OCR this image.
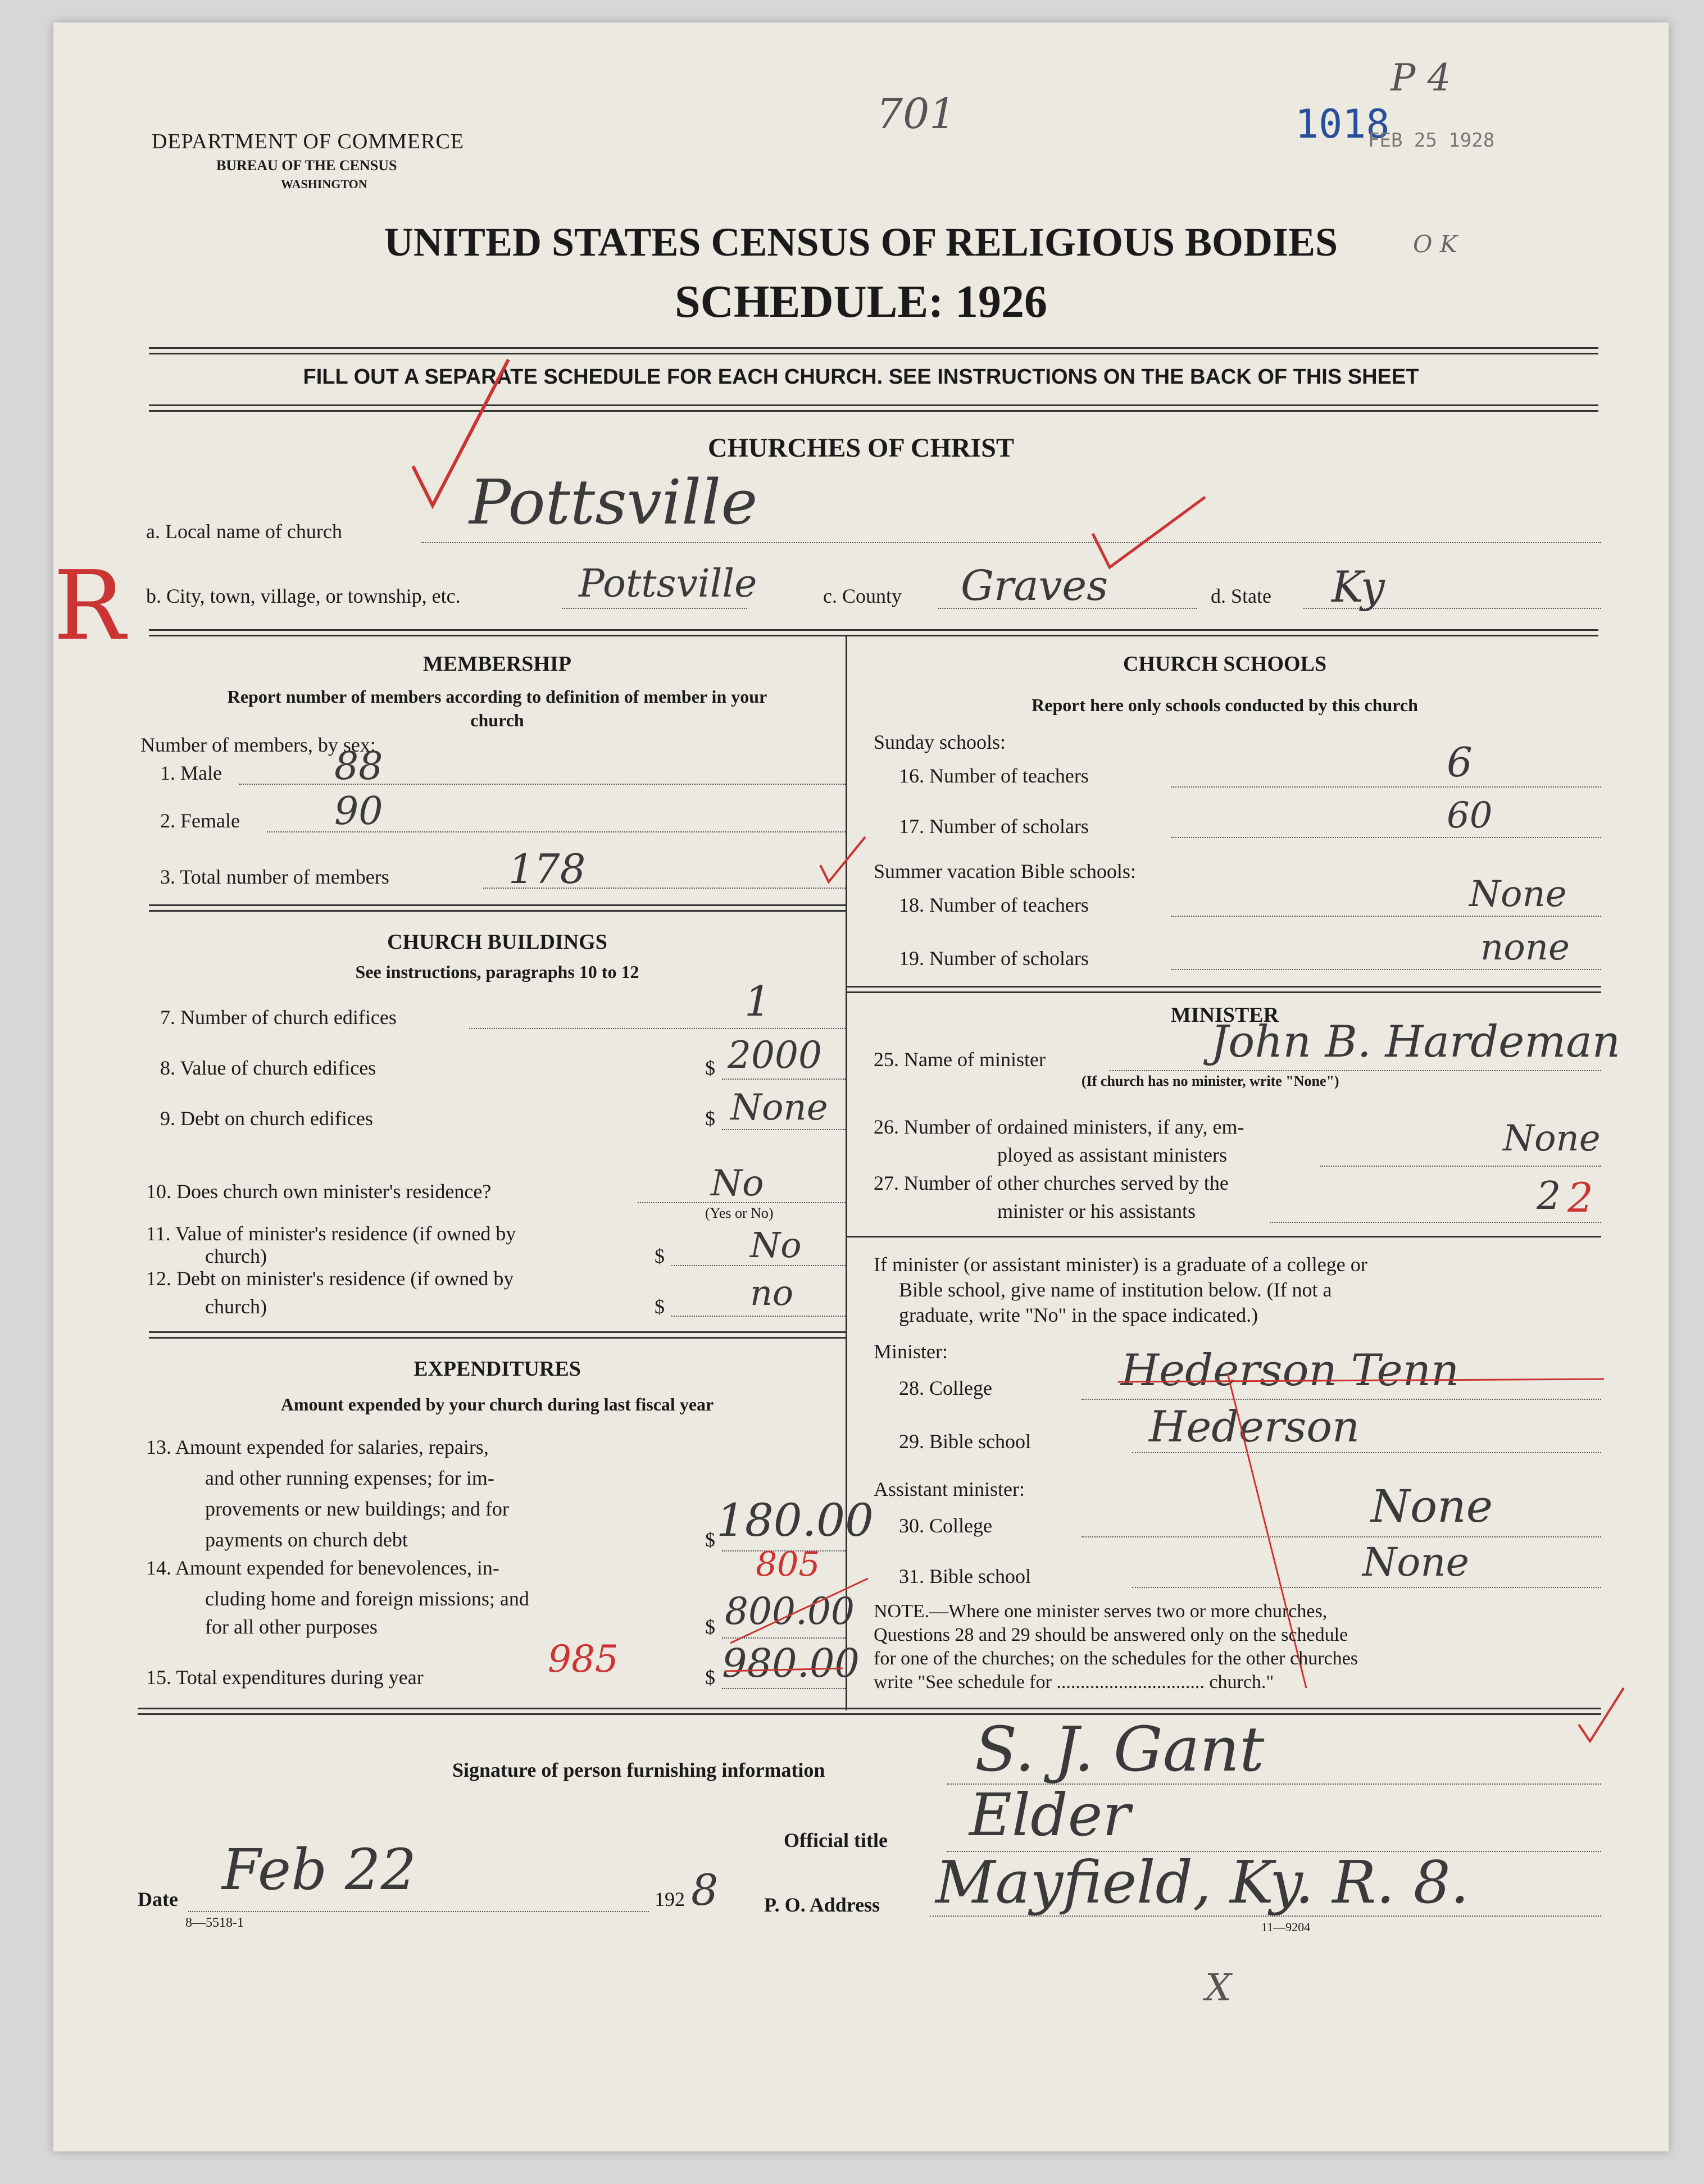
701	1018
FEB 25 1928
P 4
O K
R
DEPARTMENT OF COMMERCE
BUREAU OF THE CENSUS
WASHINGTON
UNITED STATES CENSUS OF RELIGIOUS BODIES
SCHEDULE: 1926
FILL OUT A SEPARATE SCHEDULE FOR EACH CHURCH. SEE INSTRUCTIONS ON THE BACK OF THIS SHEET
CHURCHES OF CHRIST
a. Local name of church Pottsville
b. City, town, village, or township, etc.	Pottsville	c. County Graves	d. State Ky
MEMBERSHIP
Report number of members according to definition of member in your church
Number of members, by sex:
1. Male	88
2. Female 90
3. Total number of members	178
CHURCH BUILDINGS
See instructions, paragraphs 10 to 12
7. Number of church edifices	1
8. Value of church edifices	$ 2000
9. Debt on church edifices	$ None
10. Does church own minister's residence?	No
(Yes or No)
11. Value of minister's residence (if owned by
church)	$ No
12. Debt on minister's residence (if owned by
church)	$ no
EXPENDITURES
Amount expended by your church during last fiscal year
13. Amount expended for salaries, repairs,
and other running expenses; for im-
provements or new buildings; and for
payments on church debt	$ 180.00
14. Amount expended for benevolences, in-
cluding home and foreign missions; and
for all other purposes	$ 800.00
805
15. Total expenditures during year	$ 980.00
985
CHURCH SCHOOLS
Report here only schools conducted by this church
Sunday schools:
16. Number of teachers	6
17. Number of scholars	60
Summer vacation Bible schools:
18. Number of teachers	None
19. Number of scholars	none
MINISTER
25. Name of minister	John B. Hardeman
(If church has no minister, write "None")
26. Number of ordained ministers, if any, em-
ployed as assistant ministers	None
27. Number of other churches served by the
minister or his assistants	2 2
If minister (or assistant minister) is a graduate of a college or
Bible school, give name of institution below. (If not a
graduate, write "No" in the space indicated.)
Minister:
28. College	Hederson Tenn
29. Bible school	Hederson
Assistant minister:
30. College	None
31. Bible school	None
NOTE.—Where one minister serves two or more churches,
Questions 28 and 29 should be answered only on the schedule
for one of the churches; on the schedules for the other churches
write "See schedule for ............................... church."
Signature of person furnishing information S. J. Gant
Official title Elder
Date Feb 22	192 8
8—5518-1
P. O. Address Mayfield, Ky. R. 8.
11—9204
X
